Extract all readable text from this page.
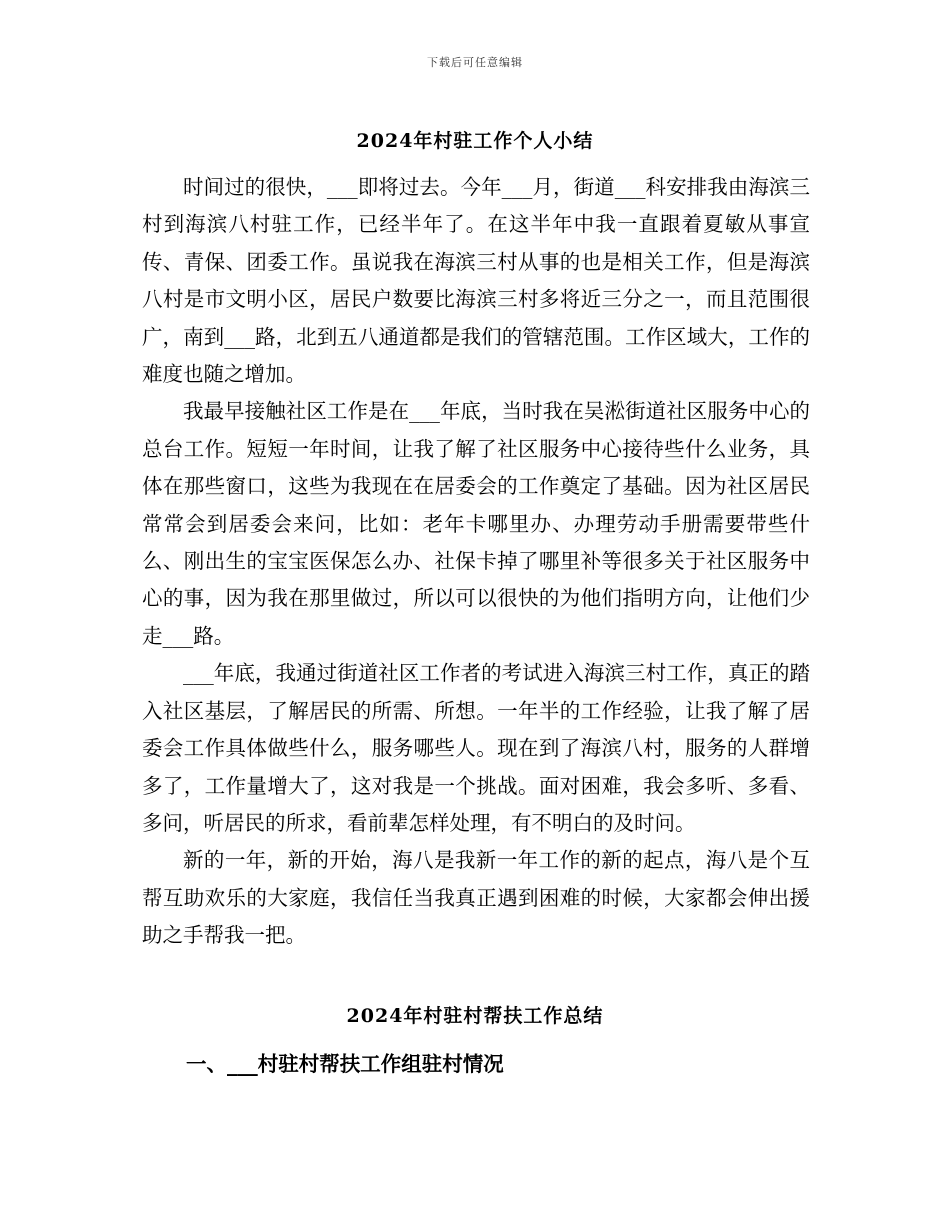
下载后可任意编辑
2024年村驻工作个人小结

时间过的很快，___即将过去。今年___月，街道___科安排我由海滨三村到海滨八村驻工作，已经半年了。在这半年中我一直跟着夏敏从事宣传、青保、团委工作。虽说我在海滨三村从事的也是相关工作，但是海滨八村是市文明小区，居民户数要比海滨三村多将近三分之一，而且范围很广，南到___路，北到五八通道都是我们的管辖范围。工作区域大，工作的难度也随之增加。

我最早接触社区工作是在___年底，当时我在吴淞街道社区服务中心的总台工作。短短一年时间，让我了解了社区服务中心接待些什么业务，具体在那些窗口，这些为我现在在居委会的工作奠定了基础。因为社区居民常常会到居委会来问，比如：老年卡哪里办、办理劳动手册需要带些什么、刚出生的宝宝医保怎么办、社保卡掉了哪里补等很多关于社区服务中心的事，因为我在那里做过，所以可以很快的为他们指明方向，让他们少走___路。

___年底，我通过街道社区工作者的考试进入海滨三村工作，真正的踏入社区基层，了解居民的所需、所想。一年半的工作经验，让我了解了居委会工作具体做些什么，服务哪些人。现在到了海滨八村，服务的人群增多了，工作量增大了，这对我是一个挑战。面对困难，我会多听、多看、多问，听居民的所求，看前辈怎样处理，有不明白的及时问。

新的一年，新的开始，海八是我新一年工作的新的起点，海八是个互帮互助欢乐的大家庭，我信任当我真正遇到困难的时候，大家都会伸出援助之手帮我一把。

2024年村驻村帮扶工作总结
一、___村驻村帮扶工作组驻村情况
